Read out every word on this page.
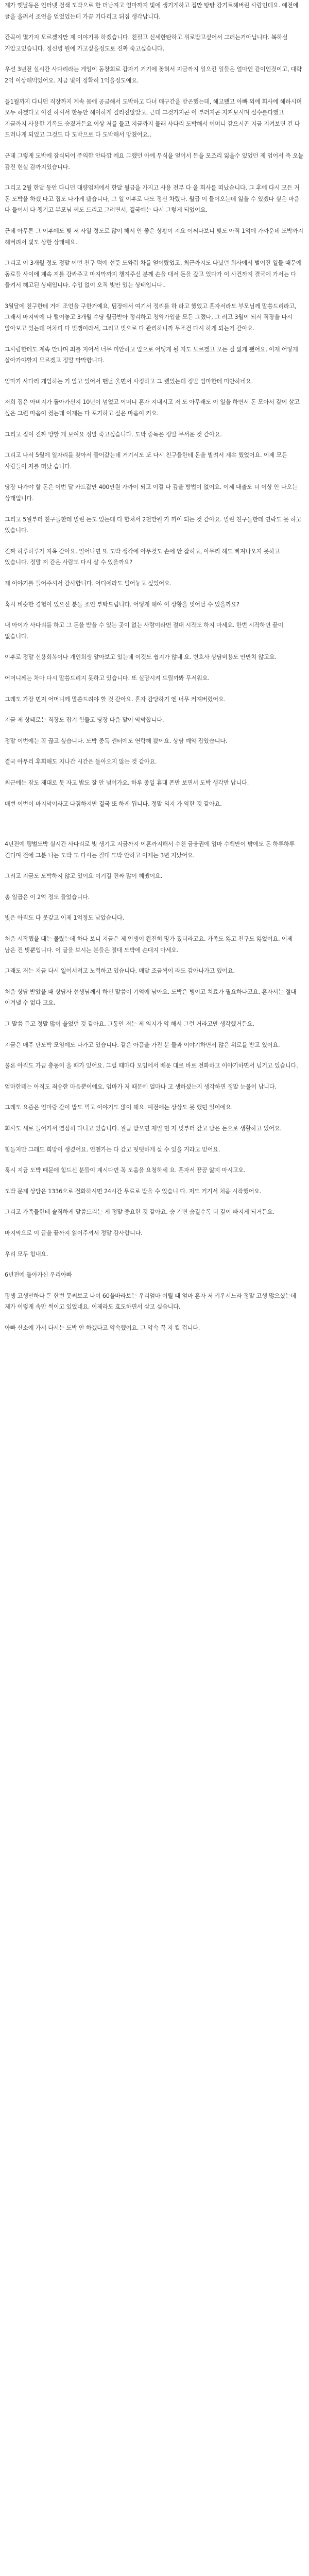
제가 옛날등은 인터넷 검색 도박으로 한 더남겨고 엄마까지 빛에 생기게하고 집만 탕탕 강기트해버린 사람인데요. 예전에 글을 올려서 조언을 얻었었는데 가끔 기다리고 뒤집 생각납니다.

간곡이 몇가지 모르겠지만 제 이야기를 하겠습니다. 친필고 신세한탄하고 위로받고싶어서 그러는거아닙니다. 복하실 거알고있습니다. 정신병 원에 가고싶을정도로 진짜 죽고싶습니다.

우선 3년전 실시간 사다리라는 게임이 동창회로 갑자기 거기에 꽂혀서 지금까지 일으킨 일들은 얼마인 같이인것이고, 대략 2억 이상해먹었어요. 지금 빛이 정확히 1억을정도예요.

들1월까지 다니던 직장까지 계속 몸에 공금해서 도박하고 다녀 매구간을 받곤했는데, 해고됐고 아빠 외에 회사에 해하시며 모두 하겠다고 이진 하셔서 한동안 해이하게 걸리진않았고, 근데 그것가지곤 이 부러지곤 지켜보시며 실수를다했고 지금까지 사용한 기록도 숨겼거든요 이상 저를 들고 지금까지 몰래 사다리 도박해서 어머니 갚으시곤 지금 지켜보면 건 다 드러나게 되었고 그것도 다 도박으로 다 도박해서 망쳤어요..

근데 그렇게 도박에 잠식되어 주의한 안타깝 에요 그랬던 아예 무식을 얻어서 돈을 모조리 잃을수 있었던 제 업어서 죽 오늘 갚진 현실 감까지있습니다.

그리고 2월 한달 동안 다니던 대량업체에서 한달 월급을 가지고 사용 전부 다 올 회사를 떠났습니다. 그 후에 다시 모든 거 돈 도박을 하겠 다고 집도 나가게 됐습니다, 그 일 이후로 나도 정신 차렸다. 월급 이 들어오는데 잃을 수 있겠다 싶은 마음 다 들어서 다 챙기고 부모님 께도 드리고 그러면서, 결국에는 다시 그렇게 되었어요.

근데 아무튼 그 이후에도 빚 저 사일 정도로 많이 해서 안 좋은 상황이 지요 어쩌다보니 빚도 아직 1억에 가까운데 도박까지 해버려서 빛도 상한 상태예요.

그리고 이 3개월 정도 정말 어떤 친구 덕에 선뜻 도와줘 차를 얻어탔었고, 최근까지도 다녔던 회사에서 벌어진 일들 때문에 동료들 사이에 계속 저를 감싸주고 마지막까지 챙겨주신 분께 손을 대서 돈을 갚고 있다가 이 사건까지 결국에 가서는 다 들켜서 해고된 상태입니다. 수입 없이 오직 빚만 있는 상태입니다..

3월달에 친구한테 거에 조언을 구한거예요, 팀장에서 여기서 정리를 하 라고 했었고 혼자서라도 부모님께 말씀드리라고, 그래서 마지막에 다 털어놓고 3개월 수당 월급받아 정리하고 청약가입을 모든 그랬다, 그 러고 3월이 되서 직장을 다시 알아보고 있는데 어차피 다 빚쟁이라서, 그리고 빚으로 다 관리하니까 무조건 다시 하게 되는거 같아요.

그사람한테도 계속 만나며 죄를 지어서 너무 미안하고 앞으로 어떻게 될 지도 모르겠고 모든 걸 잃게 됐어요. 이제 어떻게 살아가야할지 모르겠고 정말 막막합니다.

엄마가 사다리 게임하는 거 알고 있어서 맨날 울면서 사정하고 그 랬었는데 정말 엄마한테 미안하네요.

저희 집은 아버지가 돌아가신지 10년이 넘었고 어머니 혼자 지내시고 저 도 아무래도 이 일을 하면서 돈 모아서 같이 살고 싶은 그런 마음이 컸는데 이제는 다 포기하고 싶은 마음이 커요.

그리고 집이 진짜 망할 게 보여요 정말 죽고싶습니다. 도박 중독은 정말 무서운 것 같아요.

그리고 나서 5월에 일자리를 찾아서 들어갔는데 거기서도 또 다시 친구들한테 돈을 빌려서 계속 했었어요. 이제 모든 사람들이 저를 떠났 습니다.

당장 나가야 할 돈은 이번 달 카드값만 400만원 가까이 되고 이걸 다 갚을 방법이 없어요. 이제 대출도 더 이상 안 나오는 상태입니다.

그리고 5월부터 친구들한테 빌린 돈도 있는데 다 합쳐서 2천만원 가 까이 되는 것 같아요. 빌린 친구들한테 연락도 못 하고 있습니다.

진짜 하루하루가 지옥 같아요. 일어나면 또 도박 생각에 아무것도 손에 안 잡히고, 아무리 해도 빠져나오지 못하고 있습니다. 정말 저 같은 사람도 다시 살 수 있을까요?

제 이야기를 들어주셔서 감사합니다. 어디에라도 털어놓고 싶었어요.

혹시 비슷한 경험이 있으신 분들 조언 부탁드립니다. 어떻게 해야 이 상황을 벗어날 수 있을까요?

내 아이가 사다리를 하고 그 돈을 받을 수 있는 곳이 없는 사람이라면 절대 시작도 하지 마세요. 한번 시작하면 끝이 없습니다.

이후로 정말 신용회복이나 개인회생 알아보고 있는데 이것도 쉽지가 않네 요. 변호사 상담비용도 만만치 않고요.

어머니께는 차마 다시 말씀드리지 못하고 있습니다. 또 실망시켜 드릴까봐 무서워요.

그래도 가장 먼저 어머니께 말씀드려야 할 것 같아요. 혼자 감당하기 엔 너무 커져버렸어요.

지금 제 상태로는 직장도 잡기 힘들고 당장 다음 달이 막막합니다.

정말 이번에는 꼭 끊고 싶습니다. 도박 중독 센터에도 연락해 봤어요. 상담 예약 잡았습니다.

결국 아무리 후회해도 지나간 시간은 돌아오지 않는 것 같아요.

최근에는 잠도 제대로 못 자고 밥도 잘 안 넘어가요. 하루 종일 휴대 폰만 보면서 도박 생각만 납니다.

매번 이번이 마지막이라고 다짐하지만 결국 또 하게 됩니다. 정말 의지 가 약한 것 같아요.

4년전에 행벌도박 실시간 사다리로 빚 생기고 지금까지 이혼까지해서 수천 금융권에 엄마 수백만이 밖에도 돈 하루하루 견디며 전에 그분 나는 도박 도 다시는 절대 도박 안하고 이제는 3년 지났어요.

그러고 지금도 도박하지 않고 있어요 이기길 진짜 많이 헤맸어요.

총 일곱은 이 2억 정도 들었습니다.

빛은 아직도 다 못갚고 이제 1억정도 남았습니다.

처음 시작했을 때는 몰랐는데 하다 보니 지금은 제 인생이 완전히 망가 졌더라고요. 가족도 잃고 친구도 잃었어요. 이제 남은 건 빚뿐입니다. 이 글을 보시는 분들은 절대 도박에 손대지 마세요.

그래도 저는 지금 다시 일어서려고 노력하고 있습니다. 매달 조금씩이 라도 갚아나가고 있어요.

처음 상담 받았을 때 상담사 선생님께서 하신 말씀이 기억에 남아요. 도박은 병이고 치료가 필요하다고요. 혼자서는 절대 이겨낼 수 없다 고요.

그 말씀 듣고 정말 많이 울었던 것 같아요. 그동안 저는 제 의지가 약 해서 그런 거라고만 생각했거든요.

지금은 매주 단도박 모임에도 나가고 있습니다. 같은 아픔을 가진 분 들과 이야기하면서 많은 위로를 받고 있어요.

물론 아직도 가끔 충동이 올 때가 있어요. 그럴 때마다 모임에서 배운 대로 바로 전화하고 이야기하면서 넘기고 있습니다.

엄마한테는 아직도 죄송한 마음뿐이에요. 엄마가 저 때문에 얼마나 고 생하셨는지 생각하면 정말 눈물이 납니다.

그래도 요즘은 엄마랑 같이 밥도 먹고 이야기도 많이 해요. 예전에는 상상도 못 했던 일이에요.

회사도 새로 들어가서 열심히 다니고 있습니다. 월급 받으면 제일 먼 저 빚부터 갚고 남은 돈으로 생활하고 있어요.

힘들지만 그래도 희망이 생겼어요. 언젠가는 다 갚고 떳떳하게 살 수 있을 거라고 믿어요.

혹시 지금 도박 때문에 힘드신 분들이 계시다면 꼭 도움을 요청하세 요. 혼자서 끙끙 앓지 마시고요.

도박 문제 상담은 1336으로 전화하시면 24시간 무료로 받을 수 있습니 다. 저도 거기서 처음 시작했어요.

그리고 가족들한테 솔직하게 말씀드리는 게 정말 중요한 것 같아요. 숨 기면 숨길수록 더 깊이 빠지게 되거든요.

마지막으로 이 글을 끝까지 읽어주셔서 정말 감사합니다.

우리 모두 힘내요.

6년전에 돌아가신 우리아빠

평생 고생만하다 돈 한번 못써보고 나이 60을바라보는 우리엄마 어릴 때 엄마 혼자 저 키우시느라 정말 고생 많으셨는데 제가 이렇게 속만 썩이고 있었네요. 이제라도 효도하면서 살고 싶습니다.

아빠 산소에 가서 다시는 도박 안 하겠다고 약속했어요. 그 약속 꼭 지 킬 겁니다.
